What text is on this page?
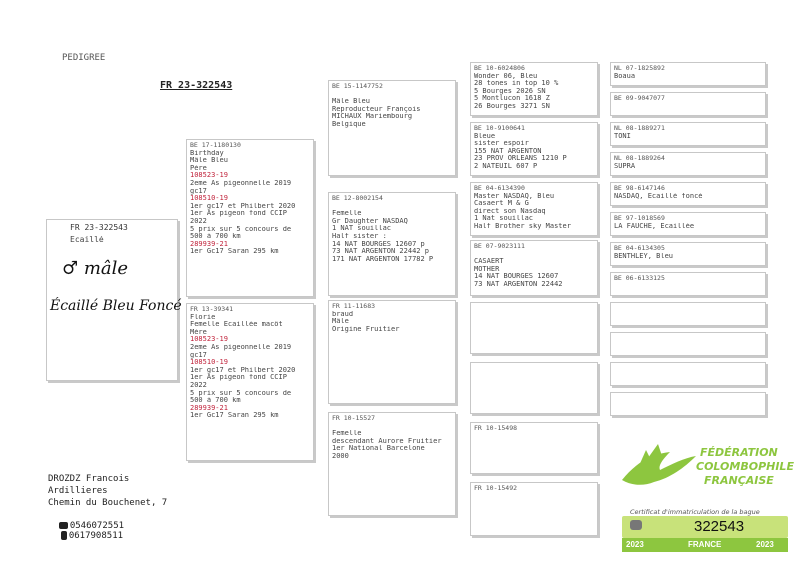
PEDIGREE
FR 23-322543
FR 23-322543
Écaillé
♂ mâle
Écaillé Bleu Foncé
BE 17-1180130
Birthday
Mâle Bleu
Père
108523-19
2eme As pigeonnelle 2019
gc17
108510-19
1er gc17 et Philbert 2020
1er As pigeon fond CCIP
2022
5 prix sur 5 concours de
500 à 700 km
289939-21
1er Gc17 Saran 295 km
FR 13-39341
Florie
Femelle Écaillée macôt
Mère
108523-19
2eme As pigeonnelle 2019
gc17
108510-19
1er gc17 et Philbert 2020
1er As pigeon fond CCIP
2022
5 prix sur 5 concours de
500 à 700 km
289939-21
1er Gc17 Saran 295 km
BE 15-1147752

Mâle Bleu
Reproducteur François
MICHAUX Mariembourg
Belgique
BE 12-8002154

Femelle
Gr Daughter NASDAQ
1 NAT souillac
Half sister :
14 NAT BOURGES 12607 p
73 NAT ARGENTON 22442 p
171 NAT ARGENTON 17782 P
FR 11-11683
braud
Mâle
Origine Fruitier
FR 10-15527

Femelle
descendant Aurore Fruitier
1er National Barcelone
2000
BE 10-6024806
Wonder 06, Bleu
28 tones in top 10 %
5 Bourges 2026 SN
5 Montlucon 1618 Z
26 Bourges 3271 SN
BE 10-9100641
Bleue
sister espoir
155 NAT ARGENTON
23 PROV ORLEANS 1210 P
2 NATEUIL 607 P
BE 04-6134390
Master NASDAQ, Bleu
Casaert M & G
direct son Nasdaq
1 Nat souillac
Half Brother sky Master
BE 07-9023111

CASAERT
MOTHER
14 NAT BOURGES 12607
73 NAT ARGENTON 22442
FR 10-15498
FR 10-15492
NL 07-1825892
Boaua
BE 09-9047077
NL 08-1889271
TONI
NL 08-1889264
SUPRA
BE 98-6147146
NASDAQ, Écaillé foncé
BE 97-1018569
LA FAUCHE, Écaillée
BE 04-6134305
BENTHLEY, Bleu
BE 06-6133125
DROZDZ Francois
Ardillieres
Chemin du Bouchenet, 7

0546072551
0617908511

FÉDÉRATION
COLOMBOPHILE
FRANÇAISE
Certificat d'immatriculation de la bague
322543
2023	FRANCE	2023
